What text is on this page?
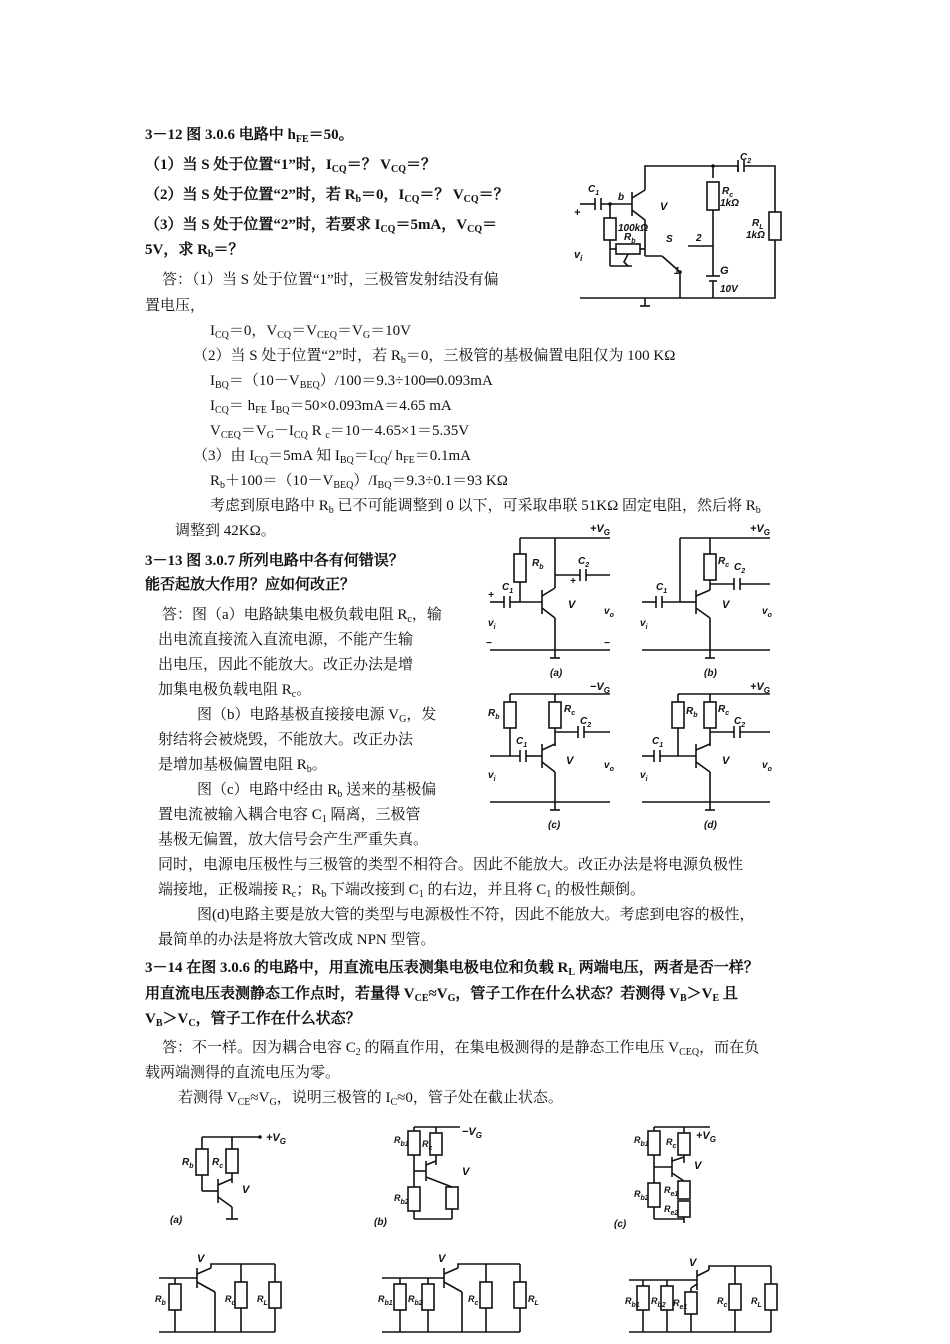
3－12 图 3.0.6 电路中 $h_{FE}=50$。
（1）当 S 处于位置“1”时，$I_{CQ}=$？ $V_{CQ}=$？
（2）当 S 处于位置“2”时，若 $R_b=0$，$I_{CQ}=$？ $V_{CQ}=$？
（3）当 S 处于位置“2”时，若要求 $I_{CQ}=5mA$，$V_{CQ}=$
5V，求 $R_b=$？
答：（1）当 S 处于位置“1”时，三极管发射结没有偏
置电压，
$I_{CQ}=0$，$V_{CQ}=V_{CEQ}=V_G=10V$
（2）当 S 处于位置“2”时，若 $R_b=0$，三极管的基极偏置电阻仅为 100 KΩ
$I_{BQ}=(10-V_{BEQ})/100=9.3\div 100═0.093mA$
$I_{CQ}= h_{FE}$ $I_{BQ}=50\times 0.093mA=4.65$ mA
$V_{CEQ}=V_G-I_{CQ}$ R $_c$＝10－4.65×1＝5.35V
（3）由 $I_{CQ}=5mA$ 知 $I_{BQ}=I_{CQ}/$ $h_{FE}=0.1mA$
$R_b+100=(10-V_{BEQ})/I_{BQ}=9.3\div 0.1=93$ KΩ
考虑到原电路中 $R_b$ 已不可能调整到 0 以下，可采取串联 51KΩ 固定电阻，然后将 $R_b$
调整到 42KΩ。
+
$v_i$
$C_1$ b
V
100kΩ
$R_b$	S
1
2
G
10V
$C_2$
$R_c$
1kΩ
$R_L$
1kΩ
3－13 图 3.0.7 所列电路中各有何错误？
能否起放大作用？应如何改正？
答：图（a）电路缺集电极负载电阻 $R_c$，输
出电流直接流入直流电源，不能产生输
出电压，因此不能放大。改正办法是增
加集电极负载电阻 $R_c$。
图（b）电路基极直接接电源 $V_G$，发
射结将会被烧毁，不能放大。改正办法
是增加基极偏置电阻 $R_b$。
图（c）电路中经由 $R_b$ 送来的基极偏
置电流被输入耦合电容 $C_1$ 隔离，三极管
基极无偏置，放大信号会产生严重失真。
同时，电源电压极性与三极管的类型不相符合。因此不能放大。改正办法是将电源负极性
端接地，正极端接 $R_c$；$R_b$ 下端改接到 $C_1$ 的右边，并且将 $C_1$ 的极性颠倒。
图(d)电路主要是放大管的类型与电源极性不符，因此不能放大。考虑到电容的极性，
最简单的办法是将放大管改成 NPN 型管。
$+V_G$
$R_b$
V
$C_2$
+
$C_1$
+
$v_i$
$v_o$
−	−
(a)
$+V_G$
$R_c$
V
$C_2$
$C_1$
$v_i$
$v_o$
(b)
$-V_G$
$R_b$
$R_c$
$C_1$
V
$C_2$
$v_i$
$v_o$
(c)
$+V_G$
$R_b$
$R_c$
$C_1$
V
$C_2$
$v_i$
$v_o$
(d)
3－14 在图 3.0.6 的电路中，用直流电压表测集电极电位和负载 $R_L$ 两端电压，两者是否一样？
用直流电压表测静态工作点时，若量得 $V_{CE}\approx V_G$，管子工作在什么状态？若测得 $V_B>V_E$ 且
$V_B>V_C$，管子工作在什么状态？
答：不一样。因为耦合电容 $C_2$ 的隔直作用，在集电极测得的是静态工作电压 $V_{CEQ}$，而在负
载两端测得的直流电压为零。
若测得 $V_{CE}\approx V_G$，说明三极管的 $I_C\approx 0$，管子处在截止状态。
$+V_G$
$R_b$ $R_c$
V
(a)
$-V_G$
$R_{b1}$
$R_{b2}$
$R_c$
V
(b)
$+V_G$
$R_{b1}$
$R_{b2}$
$R_c$
$R_{e1}$
$R_{e2}$
V
(c)
V
$R_b$	$R_c$ $R_L$
V
$R_{b1}$ $R_{b2}$	$R_c$	$R_L$
V
$R_{b1}$ $R_{b2}$ $R_{e1}$
$R_c$	$R_L$
